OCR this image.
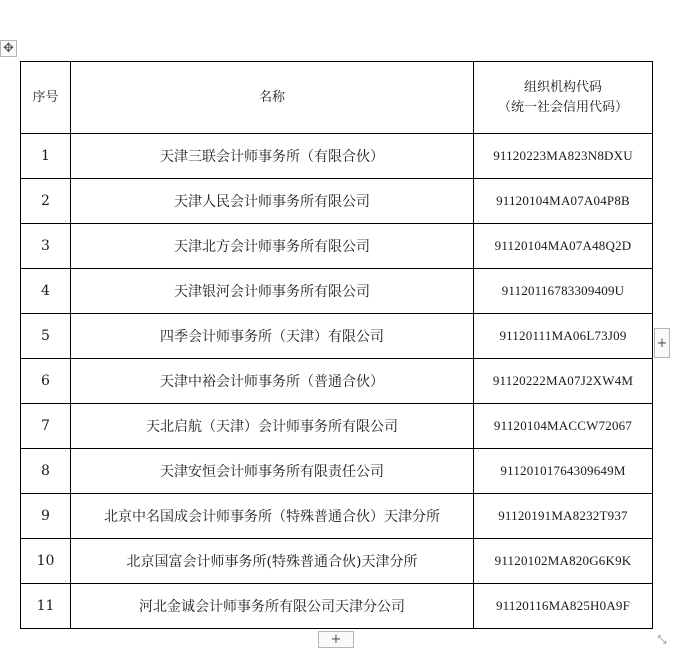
✥
序号	名称	组织机构代码
（统一社会信用代码）

1	天津三联会计师事务所（有限合伙）	91120223MA823N8DXU
2	天津人民会计师事务所有限公司	91120104MA07A04P8B
3	天津北方会计师事务所有限公司	91120104MA07A48Q2D
4	天津银河会计师事务所有限公司	91120116783309409U
5	四季会计师事务所（天津）有限公司	91120111MA06L73J09
6	天津中裕会计师事务所（普通合伙）	91120222MA07J2XW4M
7	天北启航（天津）会计师事务所有限公司	91120104MACCW72067
8	天津安恒会计师事务所有限责任公司	91120101764309649M
9	北京中名国成会计师事务所（特殊普通合伙）天津分所	91120191MA8232T937
10	北京国富会计师事务所(特殊普通合伙)天津分所	91120102MA820G6K9K
11	河北金诚会计师事务所有限公司天津分公司	91120116MA825H0A9F
+
+	⤡
